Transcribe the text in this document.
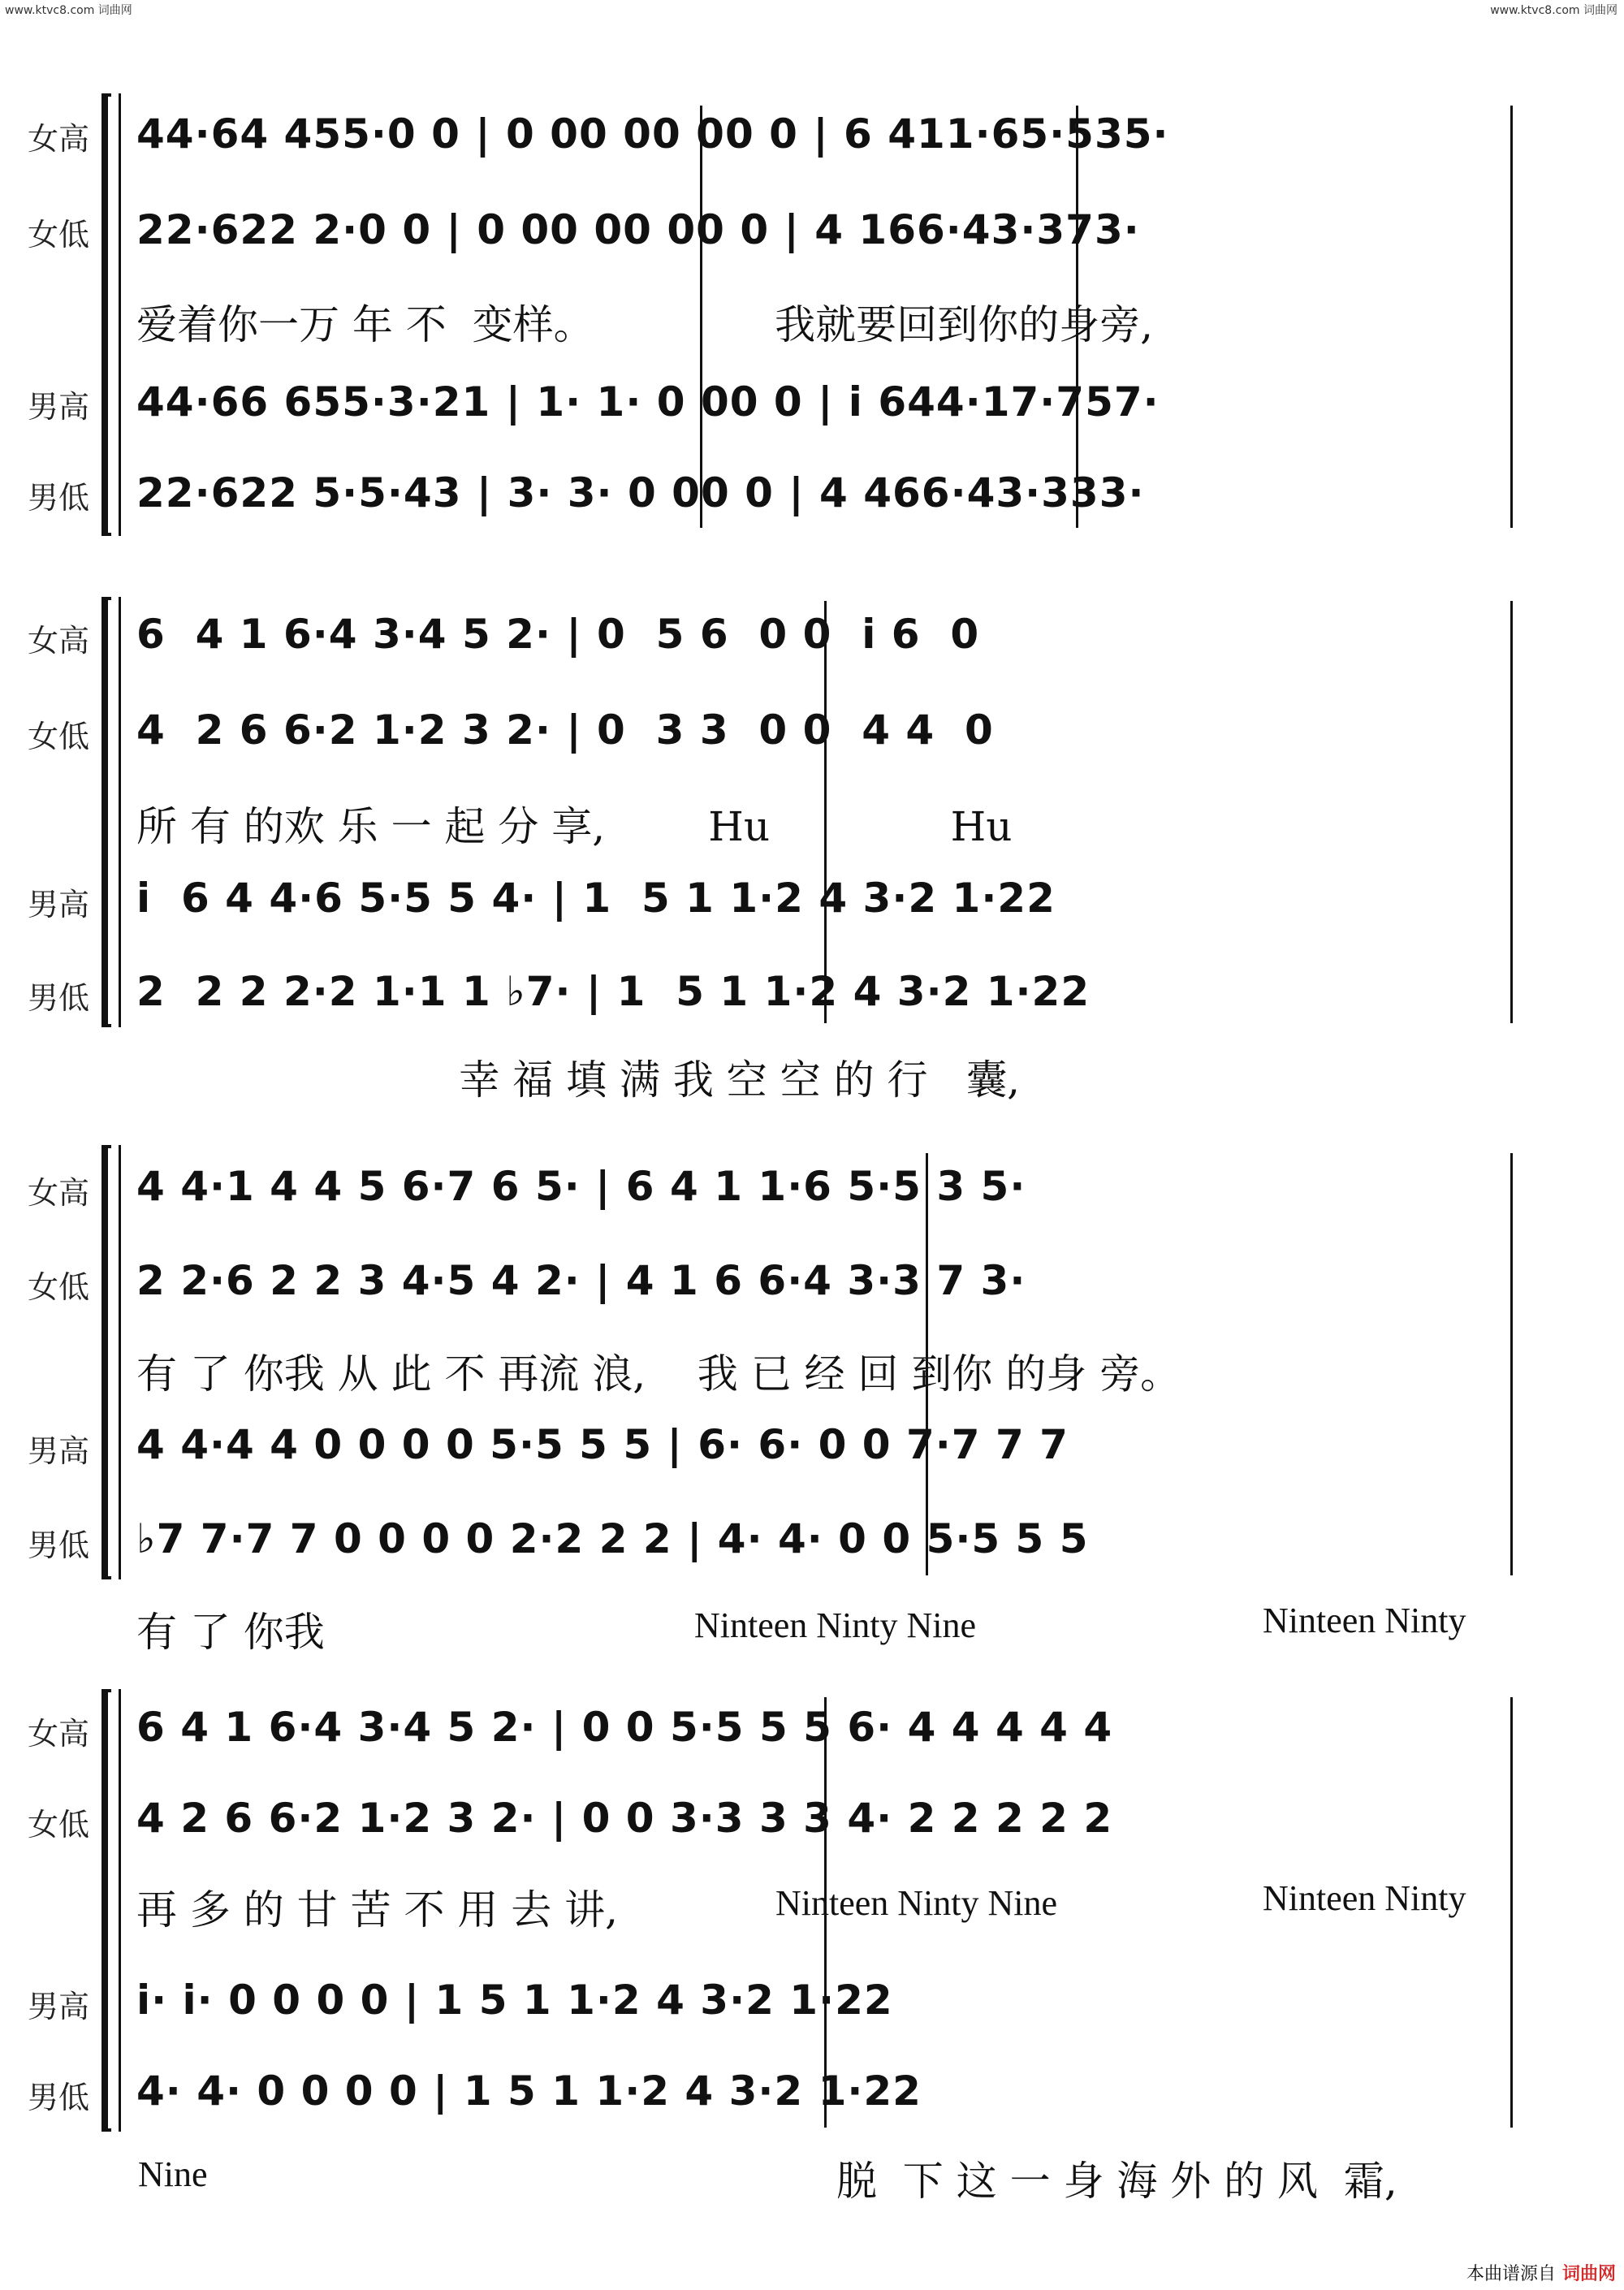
www.ktvc8.com 词曲网	www.ktvc8.com 词曲网
女高 44·64 455·0 0 | 0 00 00 00 0 | 6 411·65·535·
女低 22·622 2·0 0 | 0 00 00 00 0 | 4 166·43·373·
爱着你一万 年 不  变样。              我就要回到你的身旁,
男高 44·66 655·3·21 | 1· 1· 0 00 0 | i 644·17·757·
男低 22·622 5·5·43 | 3· 3· 0 00 0 | 4 466·43·333·
女高 6  4 1 6·4 3·4 5 2· | 0  5 6  0 0  i 6  0
女低 4  2 6 6·2 1·2 3 2· | 0  3 3  0 0  4 4  0
所 有 的欢 乐 一 起 分 享,        Hu              Hu
男高 i  6 4 4·6 5·5 5 4· | 1  5 1 1·2 4 3·2 1·22
男低 2  2 2 2·2 1·1 1 ♭7· | 1  5 1 1·2 4 3·2 1·22
幸 福 填 满 我 空 空 的 行   囊,
女高 4 4·1 4 4 5 6·7 6 5· | 6 4 1 1·6 5·5 3 5·
女低 2 2·6 2 2 3 4·5 4 2· | 4 1 6 6·4 3·3 7 3·
有 了 你我 从 此 不 再流 浪,    我 已 经 回 到你 的身 旁。
男高 4 4·4 4 0 0 0 0 5·5 5 5 | 6· 6· 0 0 7·7 7 7
男低 ♭7 7·7 7 0 0 0 0 2·2 2 2 | 4· 4· 0 0 5·5 5 5
有 了 你我	Ninteen Ninty Nine	Ninteen Ninty
女高 6 4 1 6·4 3·4 5 2· | 0 0 5·5 5 5 6· 4 4 4 4 4
女低 4 2 6 6·2 1·2 3 2· | 0 0 3·3 3 3 4· 2 2 2 2 2
再 多 的 甘 苦 不 用 去 讲,	Ninteen Ninty Nine	Ninteen Ninty
男高 i· i· 0 0 0 0 | 1 5 1 1·2 4 3·2 1·22
男低 4· 4· 0 0 0 0 | 1 5 1 1·2 4 3·2 1·22
Nine	脱  下 这 一 身 海 外 的 风  霜,
本曲谱源自 词曲网
